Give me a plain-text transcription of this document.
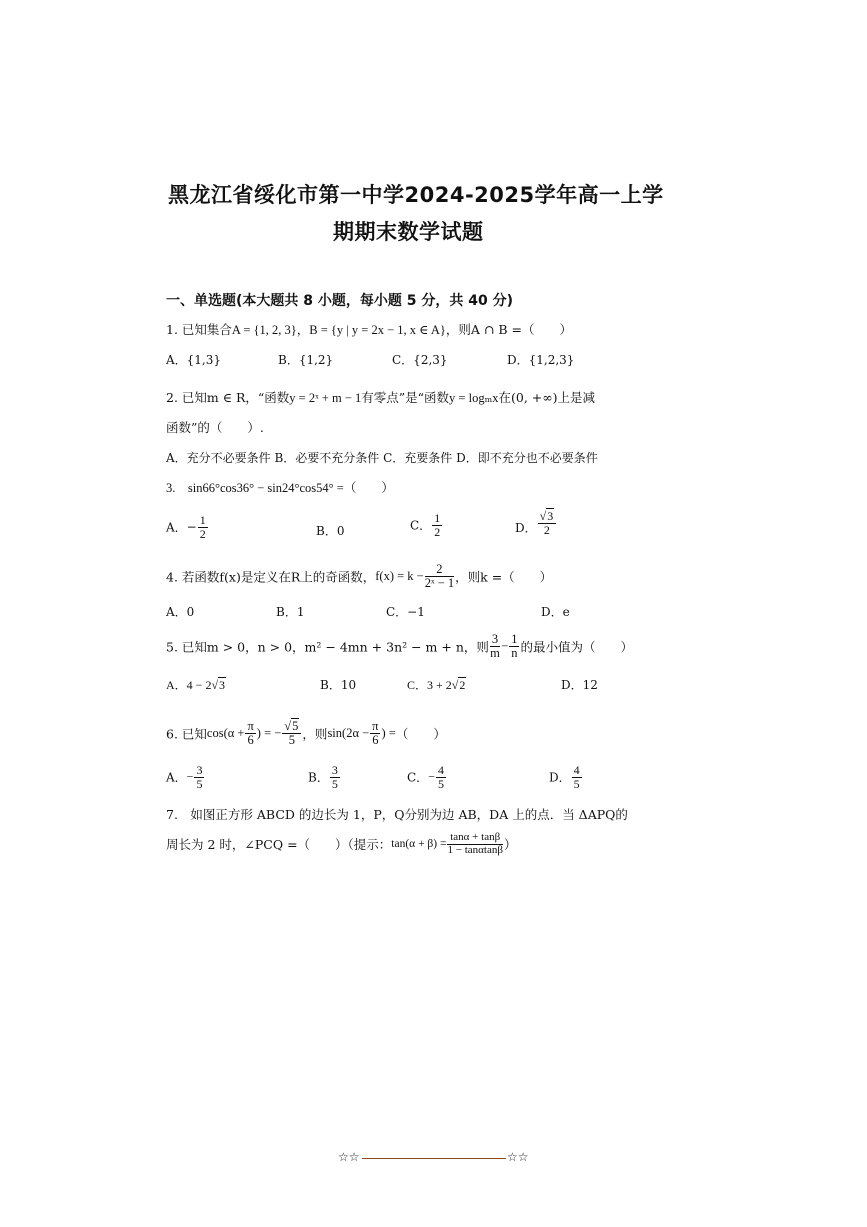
黑龙江省绥化市第一中学2024-2025学年高一上学
期期末数学试题
一、单选题(本大题共 8 小题，每小题 5 分，共 40 分)
1. 已知集合A = {1, 2, 3}，B = {y | y = 2x − 1, x ∈ A}，则A ∩ B =（　　）
A．{1,3}	B．{1,2}	C．{2,3}	D．{1,2,3}
2. 已知m ∈ R，“函数y = 2ˣ + m − 1有零点”是“函数y = logₘx在(0, +∞)上是减
函数”的（　　）.
A．充分不必要条件 B．必要不充分条件 C．充要条件 D．即不充分也不必要条件
3.　sin66°cos36° − sin24°cos54° =（　　）
A．− $\frac{1}{2}$	B．0	C． $\frac{1}{2}$	D． $\frac{√3}{2}$
4. 若函数f(x)是定义在R上的奇函数，$f(x) = k - \frac{2}{\text{2ˣ − 1}}$ ，则k =（　　）
A．0	B．1	C．−1	D．e
5. 已知m > 0，n > 0，m² − 4mn + 3n² − m + n，则 $\frac{3}{m} - \frac{1}{n}$ 的最小值为（　　）
A．4 − 2√3	B．10	C．3 + 2√2	D．12
6. 已知$\cos(\alpha + \frac{\pi}{6}$ ) = − $\frac{√5}{5}$ ，则$\sin(2\alpha - \frac{\pi}{6}$ ) =（　　）
A．− $\frac{3}{5}$	B． $\frac{3}{5}$	C．− $\frac{4}{5}$	D． $\frac{4}{5}$
7.　如图正方形 ABCD 的边长为 1，P，Q分别为边 AB，DA 上的点．当 ΔAPQ的
周长为 2 时，∠PCQ =（　　）（提示：$\tan(\alpha + \beta) = \frac{\tan\alpha + \tan\beta}{1 - \tan\alpha\tan\beta}$ ）
☆☆	☆☆
